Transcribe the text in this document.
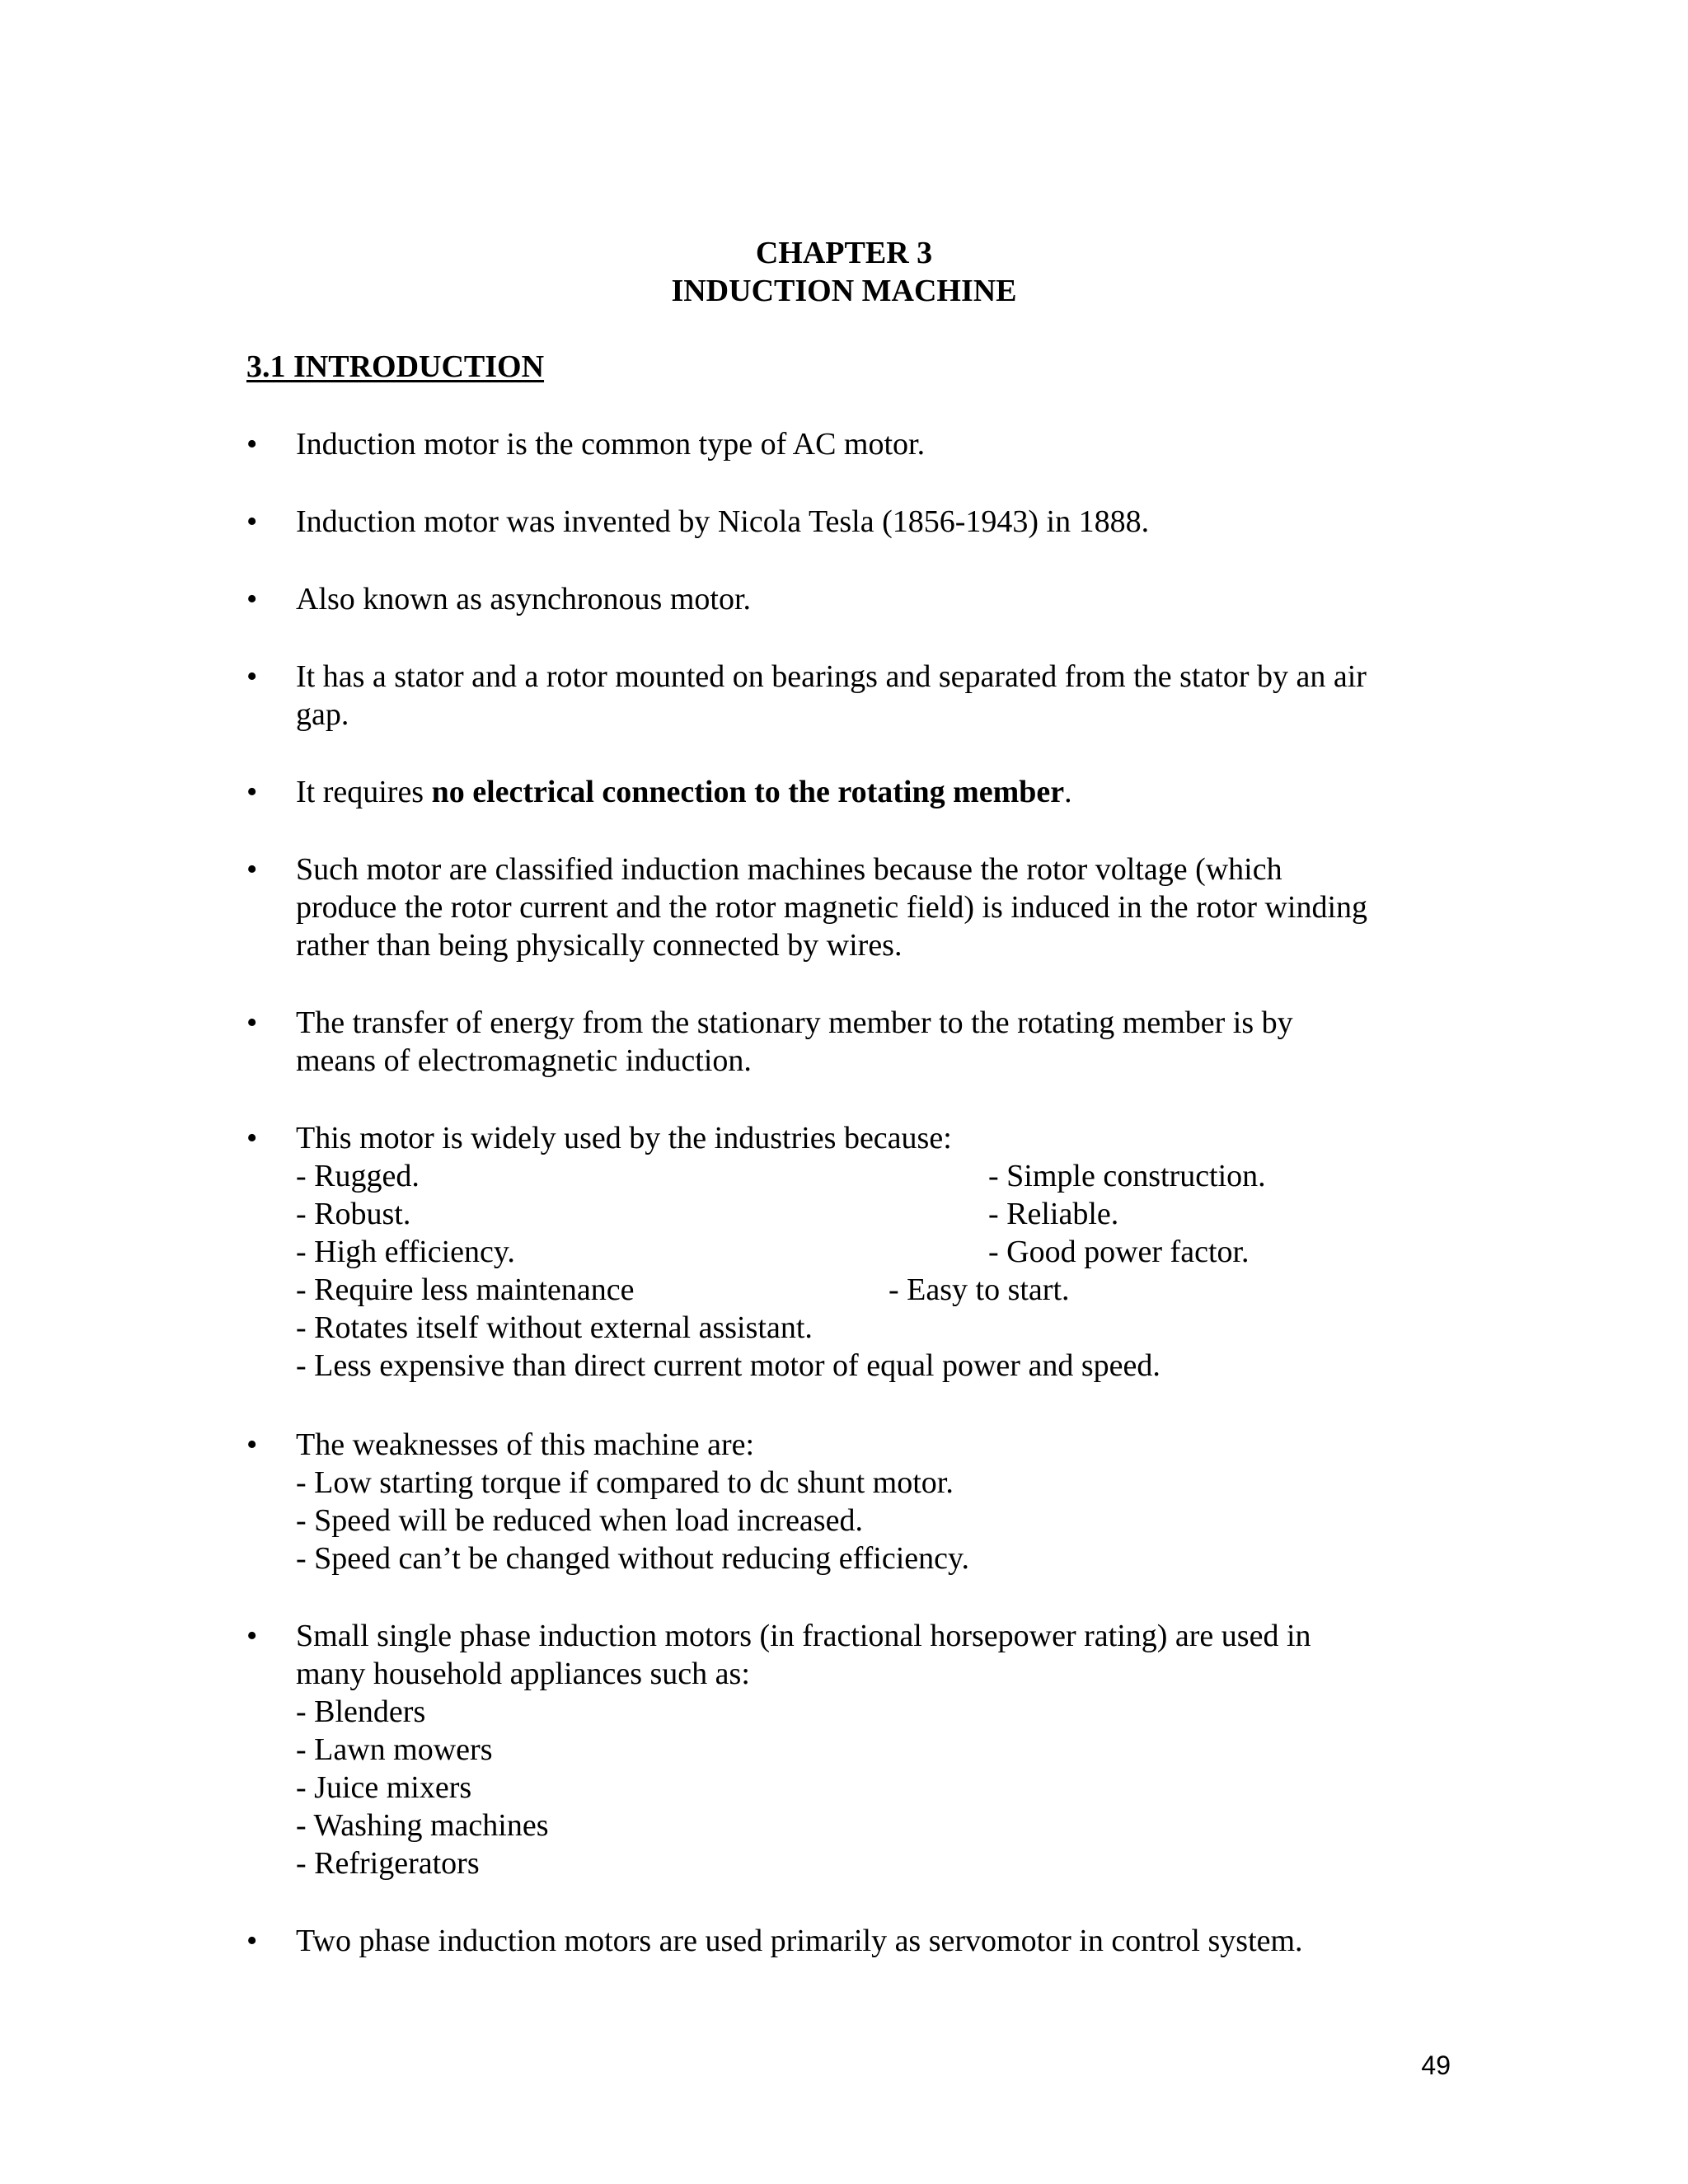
CHAPTER 3
INDUCTION MACHINE
3.1 INTRODUCTION
•	Induction motor is the common type of AC motor.
•	Induction motor was invented by Nicola Tesla (1856-1943) in 1888.
•	Also known as asynchronous motor.
•	It has a stator and a rotor mounted on bearings and separated from the stator by an air
gap.
•	It requires no electrical connection to the rotating member.
•	Such motor are classified induction machines because the rotor voltage (which
produce the rotor current and the rotor magnetic field) is induced in the rotor winding
rather than being physically connected by wires.
•	The transfer of energy from the stationary member to the rotating member is by
means of electromagnetic induction.
•	This motor is widely used by the industries because:
- Rugged.	- Simple construction.
- Robust.	- Reliable.
- High efficiency.	- Good power factor.
- Require less maintenance	- Easy to start.
- Rotates itself without external assistant.
- Less expensive than direct current motor of equal power and speed.
•	The weaknesses of this machine are:
- Low starting torque if compared to dc shunt motor.
- Speed will be reduced when load increased.
- Speed can’t be changed without reducing efficiency.
•	Small single phase induction motors (in fractional horsepower rating) are used in
many household appliances such as:
- Blenders
- Lawn mowers
- Juice mixers
- Washing machines
- Refrigerators
•	Two phase induction motors are used primarily as servomotor in control system.
49
